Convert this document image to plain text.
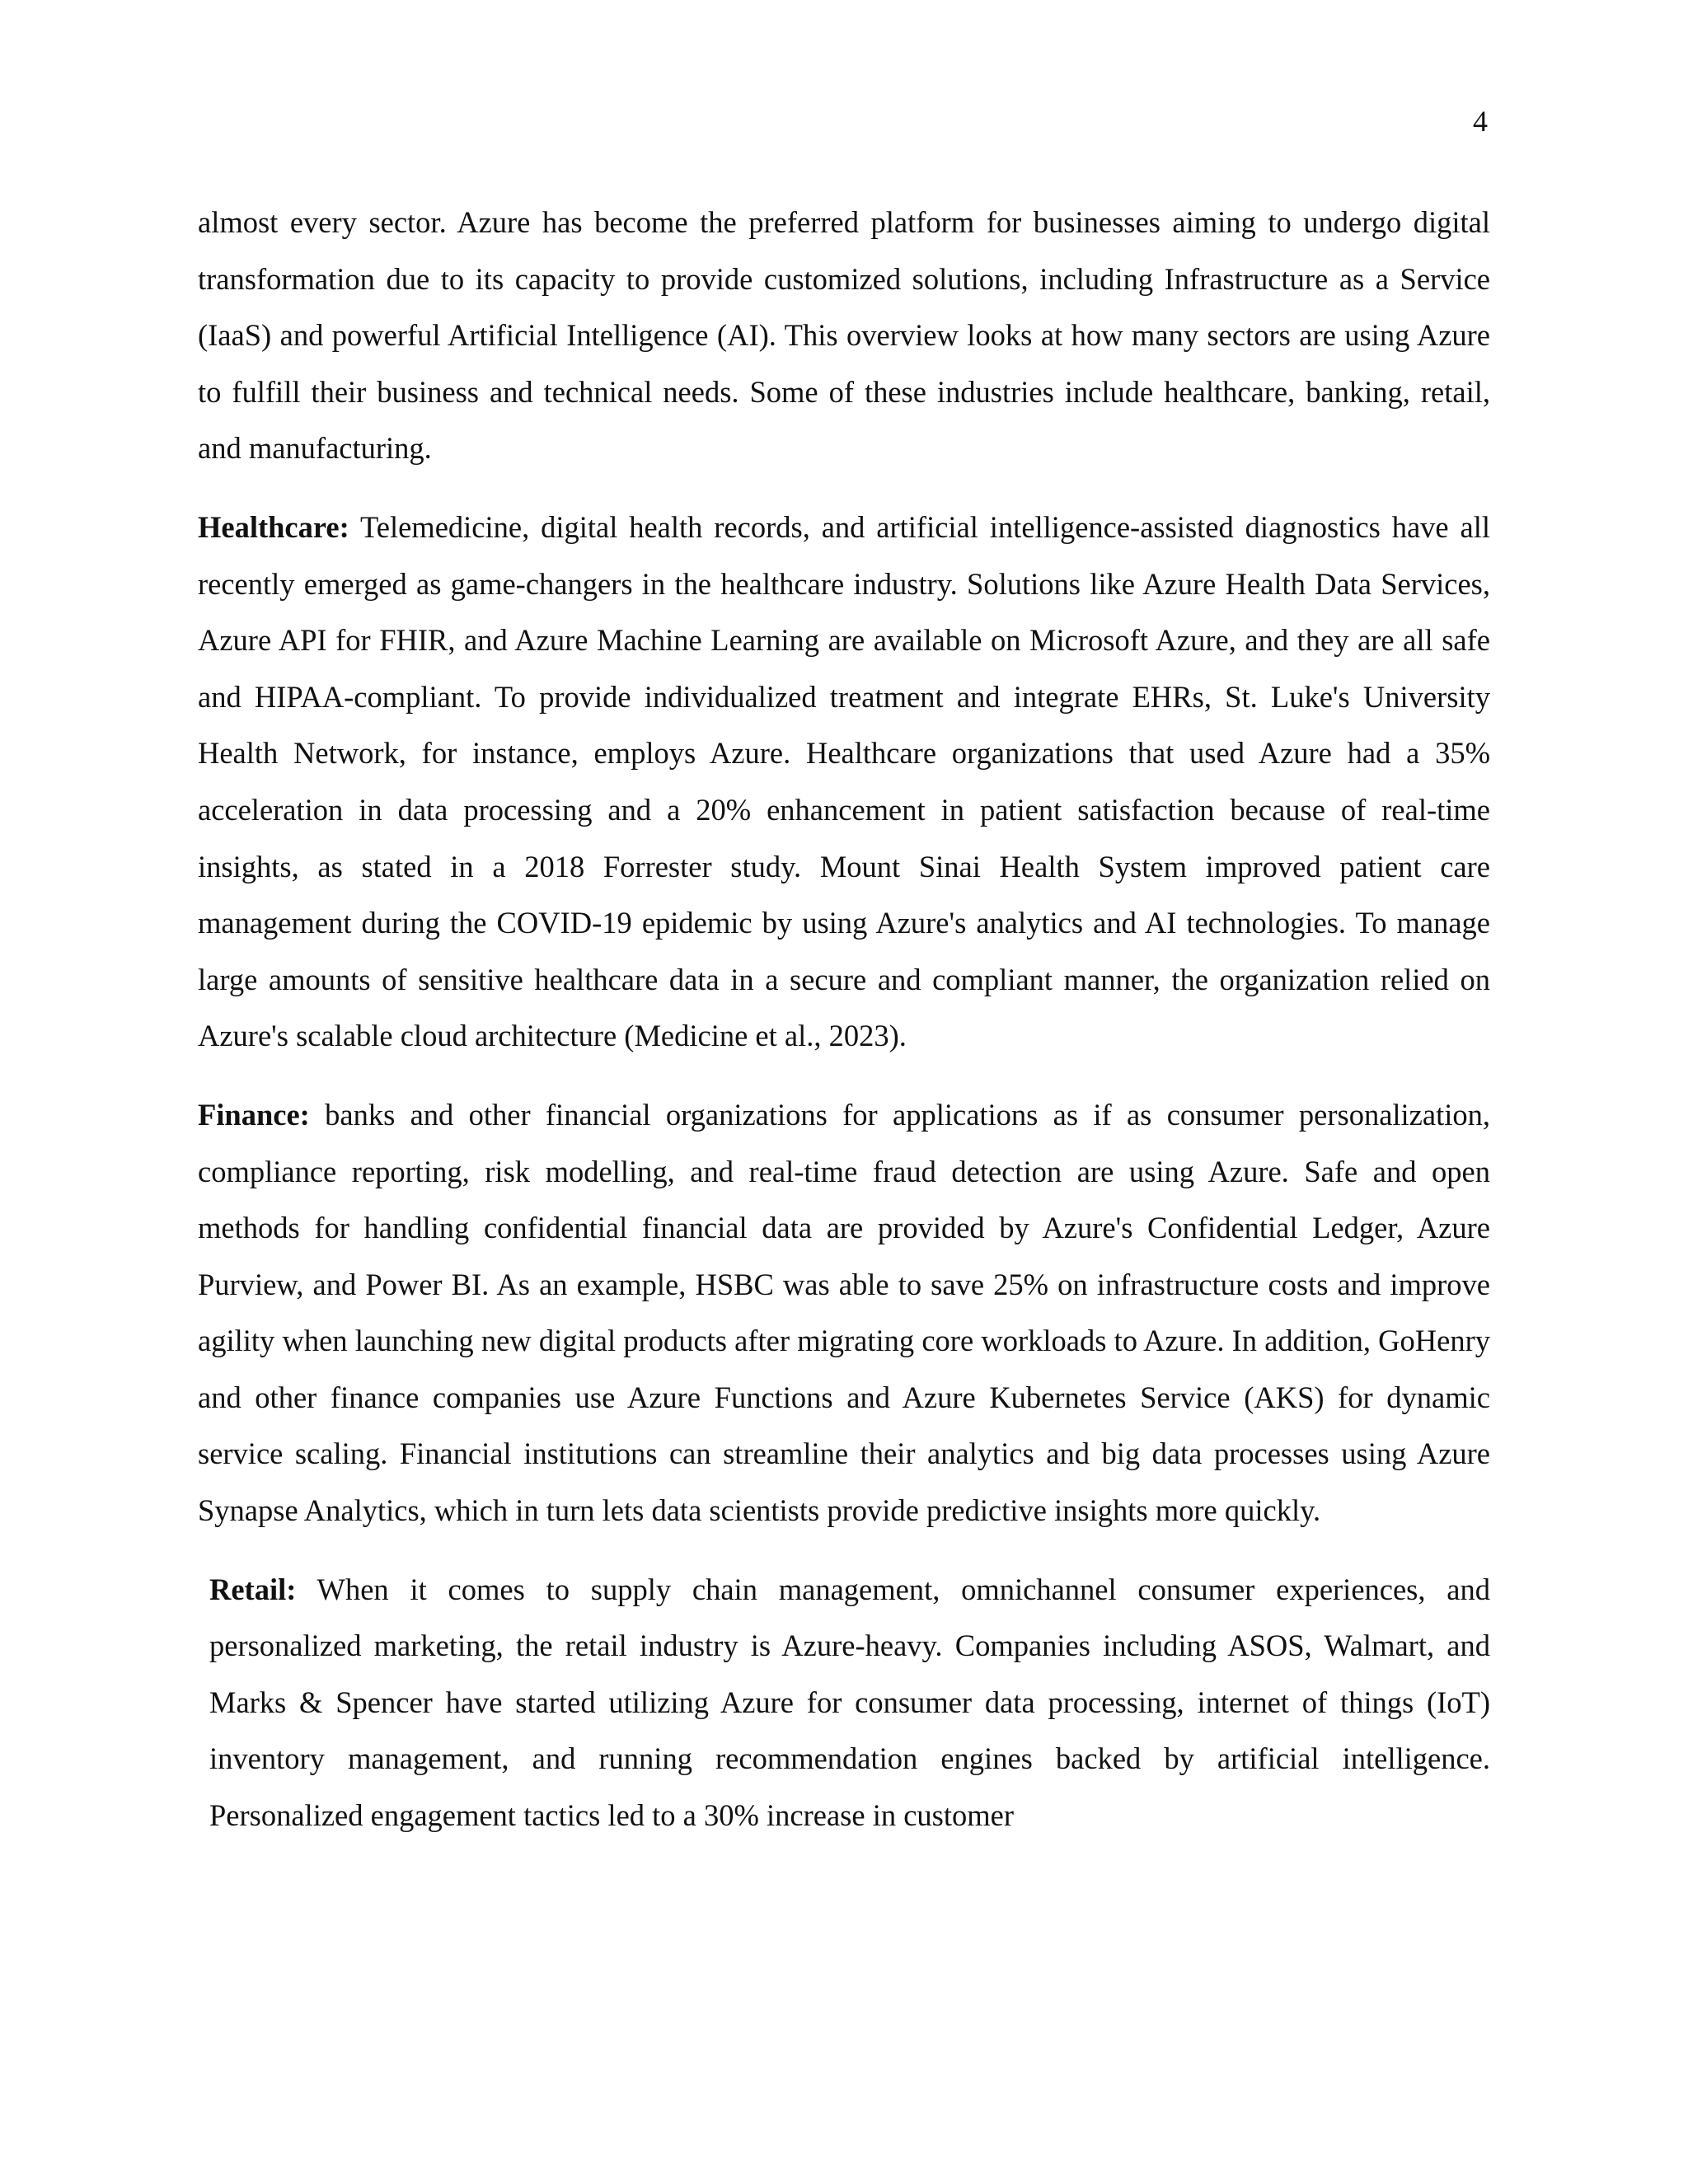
4

almost every sector. Azure has become the preferred platform for businesses aiming to undergo digital transformation due to its capacity to provide customized solutions, including Infrastructure as a Service (IaaS) and powerful Artificial Intelligence (AI). This overview looks at how many sectors are using Azure to fulfill their business and technical needs. Some of these industries include healthcare, banking, retail, and manufacturing.

Healthcare: Telemedicine, digital health records, and artificial intelligence-assisted diagnostics have all recently emerged as game-changers in the healthcare industry. Solutions like Azure Health Data Services, Azure API for FHIR, and Azure Machine Learning are available on Microsoft Azure, and they are all safe and HIPAA-compliant. To provide individualized treatment and integrate EHRs, St. Luke's University Health Network, for instance, employs Azure. Healthcare organizations that used Azure had a 35% acceleration in data processing and a 20% enhancement in patient satisfaction because of real-time insights, as stated in a 2018 Forrester study. Mount Sinai Health System improved patient care management during the COVID-19 epidemic by using Azure's analytics and AI technologies. To manage large amounts of sensitive healthcare data in a secure and compliant manner, the organization relied on Azure's scalable cloud architecture (Medicine et al., 2023).

Finance: banks and other financial organizations for applications as if as consumer personalization, compliance reporting, risk modelling, and real-time fraud detection are using Azure. Safe and open methods for handling confidential financial data are provided by Azure's Confidential Ledger, Azure Purview, and Power BI. As an example, HSBC was able to save 25% on infrastructure costs and improve agility when launching new digital products after migrating core workloads to Azure. In addition, GoHenry and other finance companies use Azure Functions and Azure Kubernetes Service (AKS) for dynamic service scaling. Financial institutions can streamline their analytics and big data processes using Azure Synapse Analytics, which in turn lets data scientists provide predictive insights more quickly.

Retail: When it comes to supply chain management, omnichannel consumer experiences, and personalized marketing, the retail industry is Azure-heavy. Companies including ASOS, Walmart, and Marks & Spencer have started utilizing Azure for consumer data processing, internet of things (IoT) inventory management, and running recommendation engines backed by artificial intelligence. Personalized engagement tactics led to a 30% increase in customer
